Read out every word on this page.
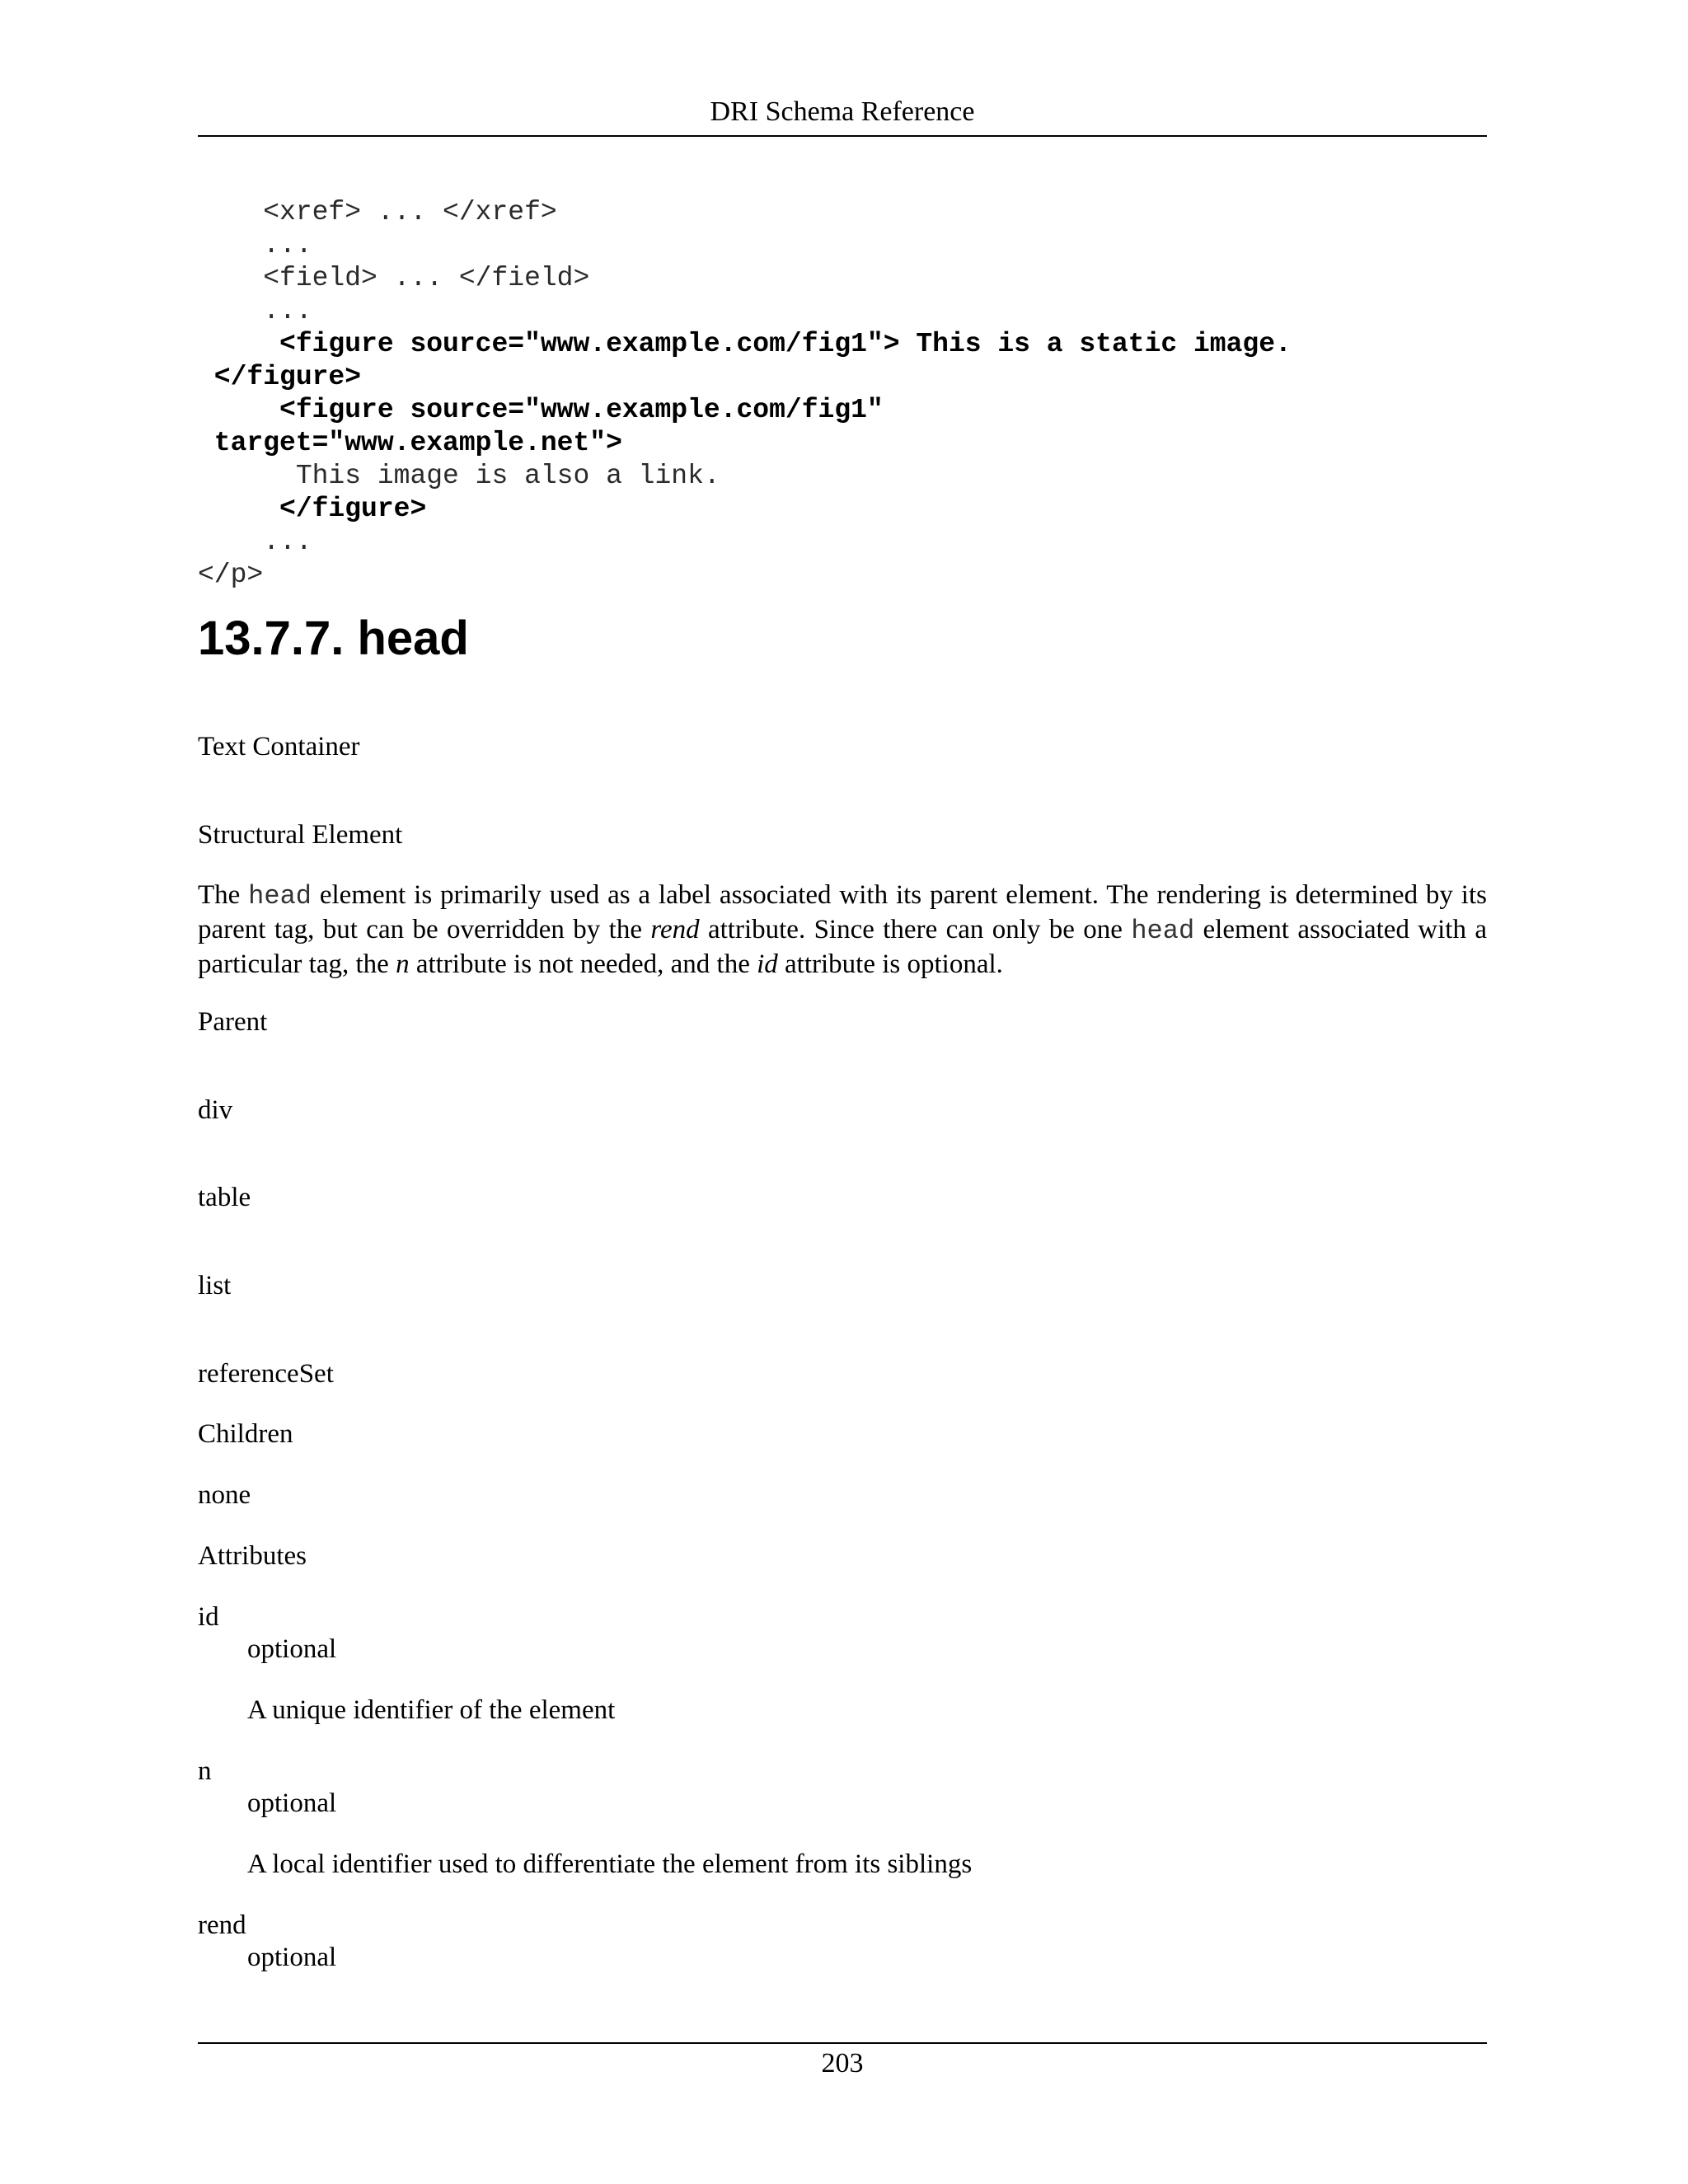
DRI Schema Reference
<xref> ... </xref>
...
<field> ... </field>
...
<figure source="www.example.com/fig1"> This is a static image.
</figure>
<figure source="www.example.com/fig1"
target="www.example.net">
This image is also a link.
</figure>
...
</p>
13.7.7. head

Text Container

Structural Element

The head element is primarily used as a label associated with its parent element. The rendering is determined by its parent tag, but can be overridden by the rend attribute. Since there can only be one head element associated with a particular tag, the n attribute is not needed, and the id attribute is optional.

Parent

div

table

list

referenceSet

Children

none

Attributes

id

optional

A unique identifier of the element

n

optional

A local identifier used to differentiate the element from its siblings

rend

optional

203
